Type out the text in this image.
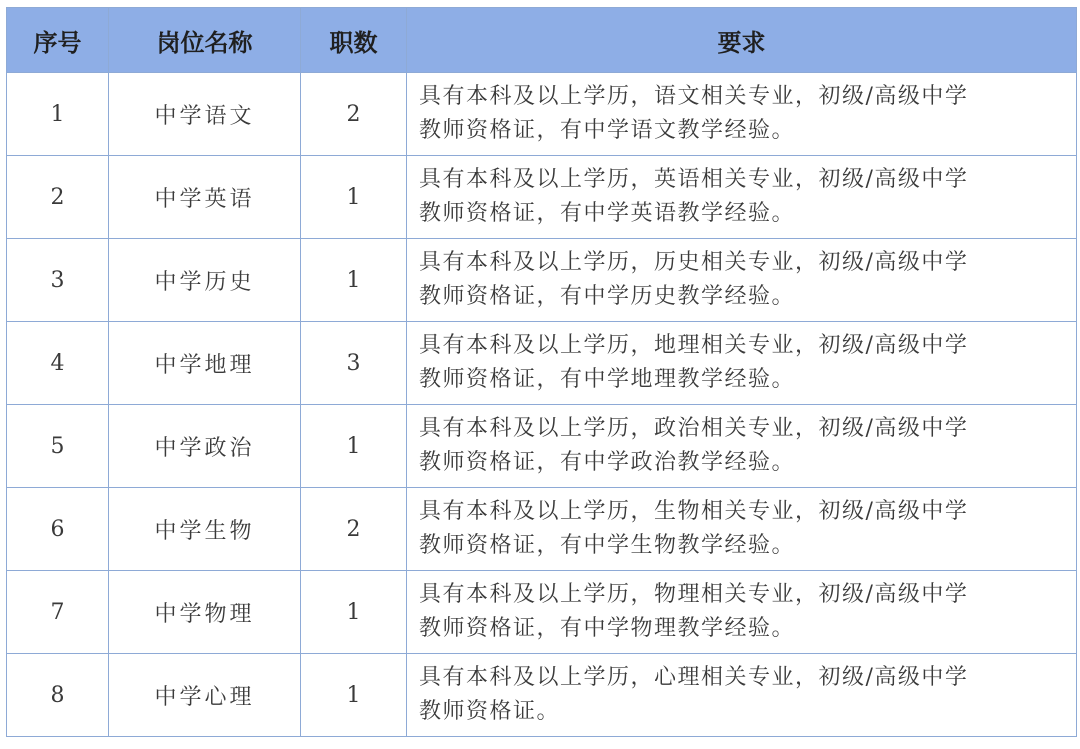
序号	岗位名称	职数	要求
1	中学语文	2	具有本科及以上学历，语文相关专业，初级/高级中学
教师资格证，有中学语文教学经验。

2	中学英语	1	具有本科及以上学历，英语相关专业，初级/高级中学
教师资格证，有中学英语教学经验。

3	中学历史	1	具有本科及以上学历，历史相关专业，初级/高级中学
教师资格证，有中学历史教学经验。

4	中学地理	3	具有本科及以上学历，地理相关专业，初级/高级中学
教师资格证，有中学地理教学经验。

5	中学政治	1	具有本科及以上学历，政治相关专业，初级/高级中学
教师资格证，有中学政治教学经验。

6	中学生物	2	具有本科及以上学历，生物相关专业，初级/高级中学
教师资格证，有中学生物教学经验。

7	中学物理	1	具有本科及以上学历，物理相关专业，初级/高级中学
教师资格证，有中学物理教学经验。

8	中学心理	1	具有本科及以上学历，心理相关专业，初级/高级中学
教师资格证。
